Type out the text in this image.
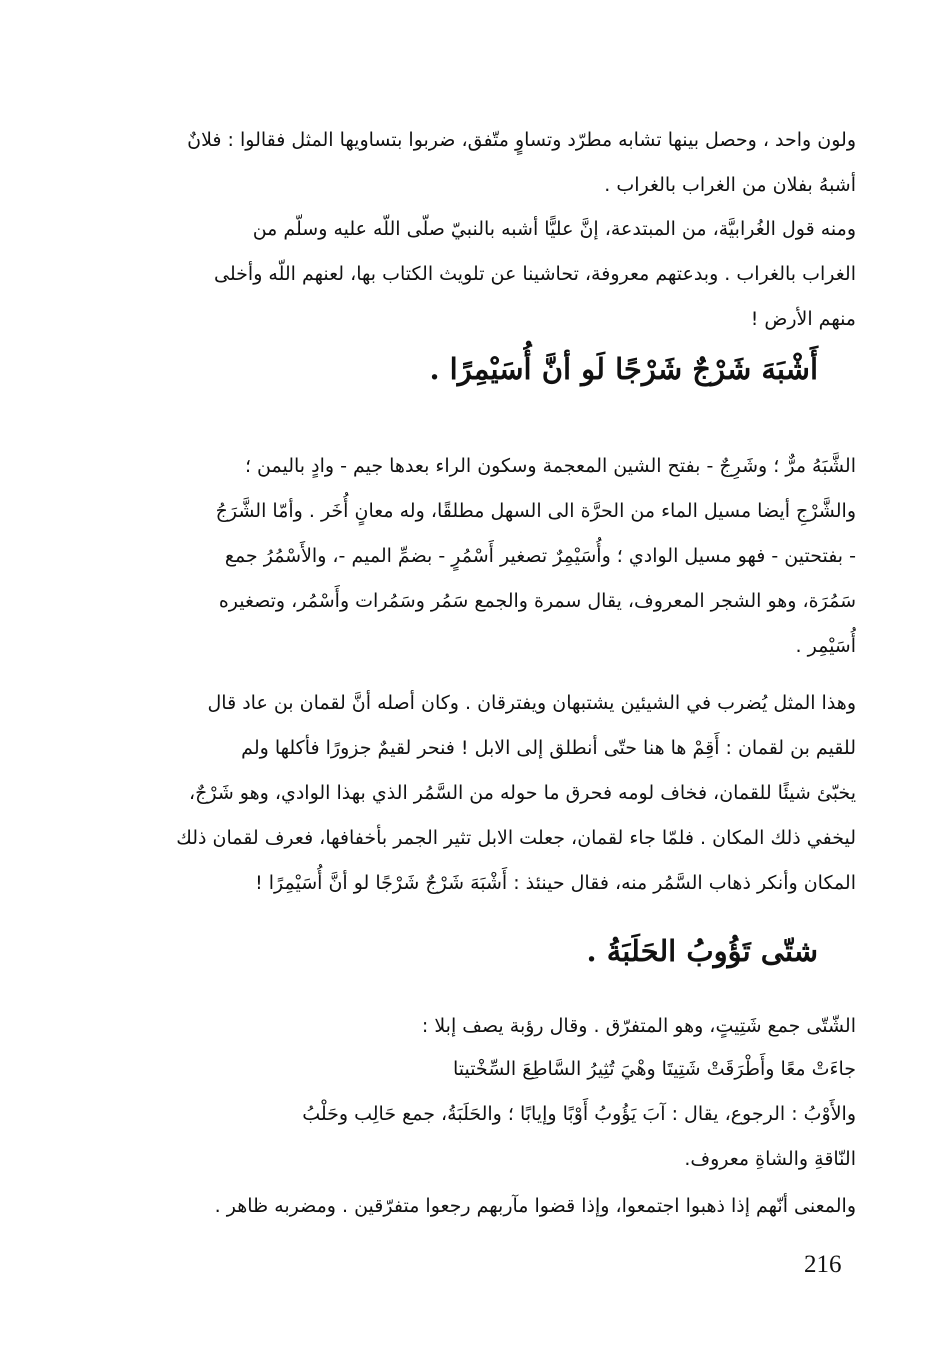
ولون واحد ، وحصل بينها تشابه مطرّد وتساوٍ متّفق، ضربوا بتساويها المثل فقالوا : فلانٌ
أشبهُ بفلان من الغراب بالغراب .
ومنه قول الغُرابيَّة، من المبتدعة، إنَّ عليًّا أشبه بالنبيّ صلّى اللّه عليه وسلّم من
الغراب بالغراب . وبدعتهم معروفة، تحاشينا عن تلويث الكتاب بها، لعنهم اللّه وأخلى
منهم الأرض !
أَشْبَهَ شَرْجٌ شَرْجًا لَو أنَّ أُسَيْمِرًا .
الشَّبَهُ مرٌّ ؛ وشَرِجٌ - بفتح الشين المعجمة وسكون الراء بعدها جيم - وادٍ باليمن ؛
والشَّرْجِ أيضا مسيل الماء من الحرَّة الى السهل مطلقًا، وله معانٍ أُخَر . وأمّا الشَّرَجُ
- بفتحتين - فهو مسيل الوادي ؛ وأُسَيْمِرٌ تصغير أَسْمُرٍ - بضمِّ الميم -، والأَسْمُرُ جمع
سَمُرَة، وهو الشجر المعروف، يقال سمرة والجمع سَمُر وسَمُرات وأَسْمُر، وتصغيره
أُسَيْمِر .
وهذا المثل يُضرب في الشيئين يشتبهان ويفترقان . وكان أصله أنَّ لقمان بن عاد قال
للقيم بن لقمان : أَقِمْ ها هنا حتّى أنطلق إلى الابل ! فنحر لقيمٌ جزورًا فأكلها ولم
يخبّئ شيئًا للقمان، فخاف لومه فحرق ما حوله من السَّمُر الذي بهذا الوادي، وهو شَرْجٌ،
ليخفي ذلك المكان . فلمّا جاء لقمان، جعلت الابل تثير الجمر بأخفافها، فعرف لقمان ذلك
المكان وأنكر ذهاب السَّمُر منه، فقال حينئذ : أَشْبَهَ شَرْجٌ شَرْجًا لو أنَّ أُسَيْمِرًا !
شتّى تَؤُوبُ الحَلَبَةُ .
الشّتّى جمع شَتِيتٍ، وهو المتفرّق . وقال رؤبة يصف إبلا :
جاءَتْ معًا وأَطْرَقَتْ شَتِيتَا وهْيَ تُثِيرُ السَّاطِعَ السِّخْتيتا
والأَوْبُ : الرجوع، يقال : آبَ يَؤُوبُ أَوْبًا وإيابًا ؛ والحَلَبَةُ، جمع حَالِب وحَلْبُ
النّاقةِ والشاةِ معروف.
والمعنى أنّهم إذا ذهبوا اجتمعوا، وإذا قضوا مآربهم رجعوا متفرّقين . ومضربه ظاهر .

216
